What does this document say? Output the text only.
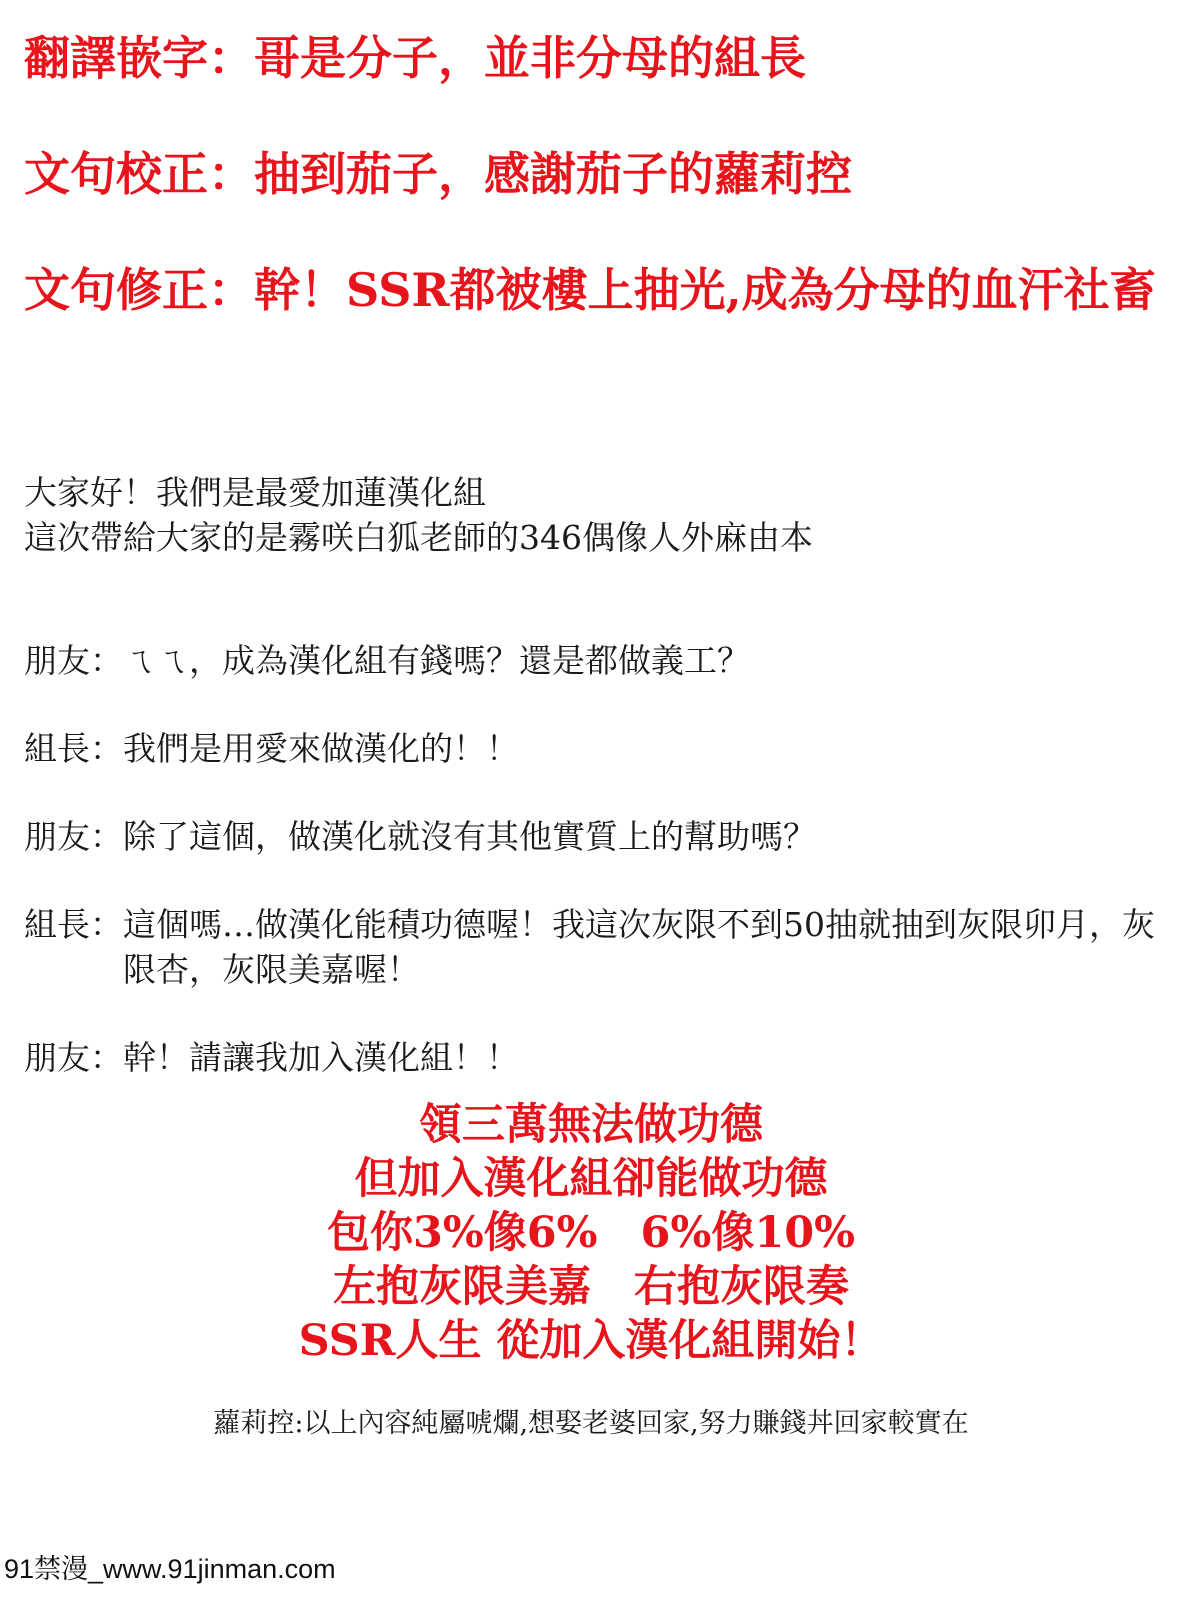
翻譯嵌字： 哥是分子，並非分母的組長
文句校正： 抽到茄子，感謝茄子的蘿莉控
文句修正： 幹！SSR都被樓上抽光,成為分母的血汗社畜
大家好！我們是最愛加蓮漢化組
這次帶給大家的是霧咲白狐老師的346偶像人外麻由本
朋友： ㄟㄟ，成為漢化組有錢嗎？還是都做義工？
組長： 我們是用愛來做漢化的！！
朋友： 除了這個，做漢化就沒有其他實質上的幫助嗎？
組長： 這個嗎…做漢化能積功德喔！我這次灰限不到50抽就抽到灰限卯月，灰限杏，灰限美嘉喔！
朋友： 幹！請讓我加入漢化組！！
領三萬無法做功德
但加入漢化組卻能做功德
包你3%像6%　6%像10%
左抱灰限美嘉　右抱灰限奏
SSR人生 從加入漢化組開始！
蘿莉控:以上內容純屬唬爛,想娶老婆回家,努力賺錢丼回家較實在
91禁漫_www.91jinman.com
